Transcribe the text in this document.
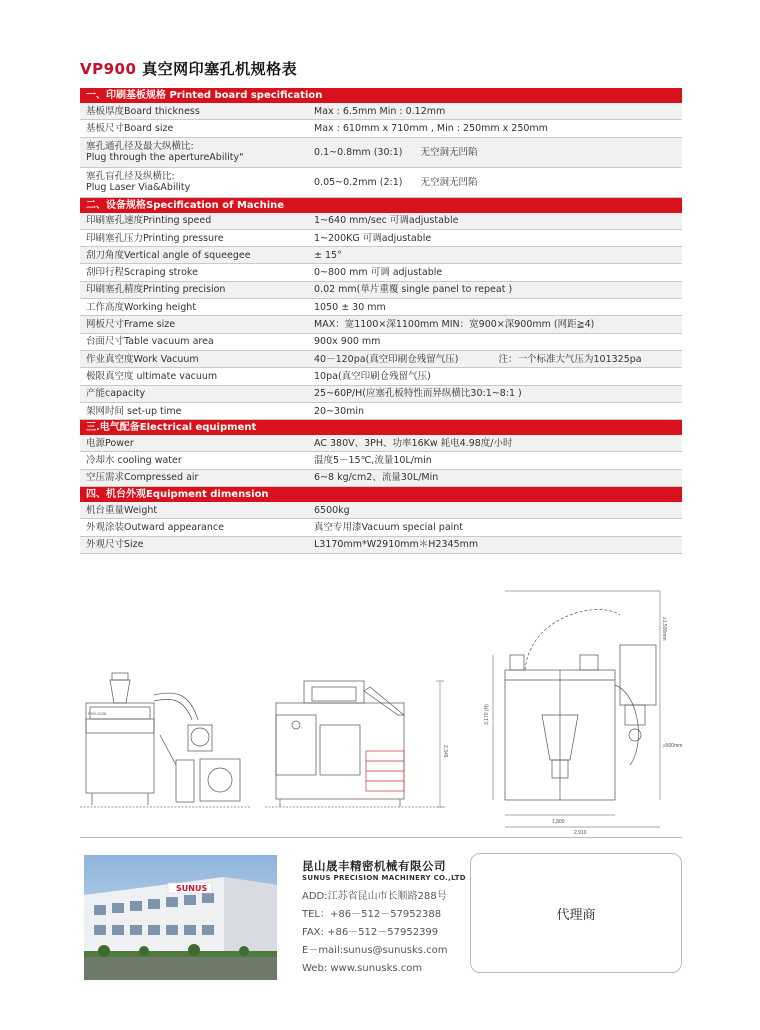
VP900 真空网印塞孔机规格表
一、印刷基板规格 Printed board specification
基板厚度Board thickness	Max : 6.5mm Min : 0.12mm
基板尺寸Board size	Max : 610mm x 710mm , Min : 250mm x 250mm
塞孔通孔径及最大纵横比:
Plug through the apertureAbility"	0.1~0.8mm (30:1) 无空洞无凹陷
塞孔盲孔径及纵横比:
Plug Laser Via&Ability	0.05~0.2mm (2:1) 无空洞无凹陷
二、设备规格Specification of Machine
印刷塞孔速度Printing speed	1~640 mm/sec 可调adjustable
印刷塞孔压力Printing pressure	1~200KG 可调adjustable
刮刀角度Vertical angle of squeegee	± 15°
刮印行程Scraping stroke	0~800 mm 可调 adjustable
印刷塞孔精度Printing precision	0.02 mm(单片重覆 single panel to repeat )
工作高度Working height	1050 ± 30 mm
网板尺寸Frame size	MAX：宽1100×深1100mm MIN：宽900×深900mm (网距≧4)
台面尺寸Table vacuum area	900x 900 mm
作业真空度Work Vacuum	40－120pa(真空印刷仓残留气压)	注：一个标准大气压为101325pa
极限真空度 ultimate vacuum	10pa(真空印刷仓残留气压)
产能capacity	25~60P/H(应塞孔板特性而异纵横比30:1~8:1 )
架网时间 set-up time	20~30min
三.电气配备Electrical equipment
电源Power	AC 380V、3PH、功率16Kw 耗电4.98度/小时
冷却水 cooling water	温度5－15℃,流量10L/min
空压需求Compressed air	6~8 kg/cm2、流量30L/Min
四、机台外观Equipment dimension
机台重量Weight	6500kg
外观涂装Outward appearance	真空专用漆Vacuum special paint
外观尺寸Size	L3170mm*W2910mm＊H2345mm
PHV-2428
2,345
1,800
2,910
3,170 (H)
≥500mm
≥1,500mm
SUNUS
昆山晟丰精密机械有限公司
SUNUS PRECISION MACHINERY CO.,LTD
ADD:江苏省昆山市长顺路288号
TEL：+86－512－57952388
FAX: +86－512－57952399
E－mail:sunus@sunusks.com
Web: www.sunusks.com
代理商
